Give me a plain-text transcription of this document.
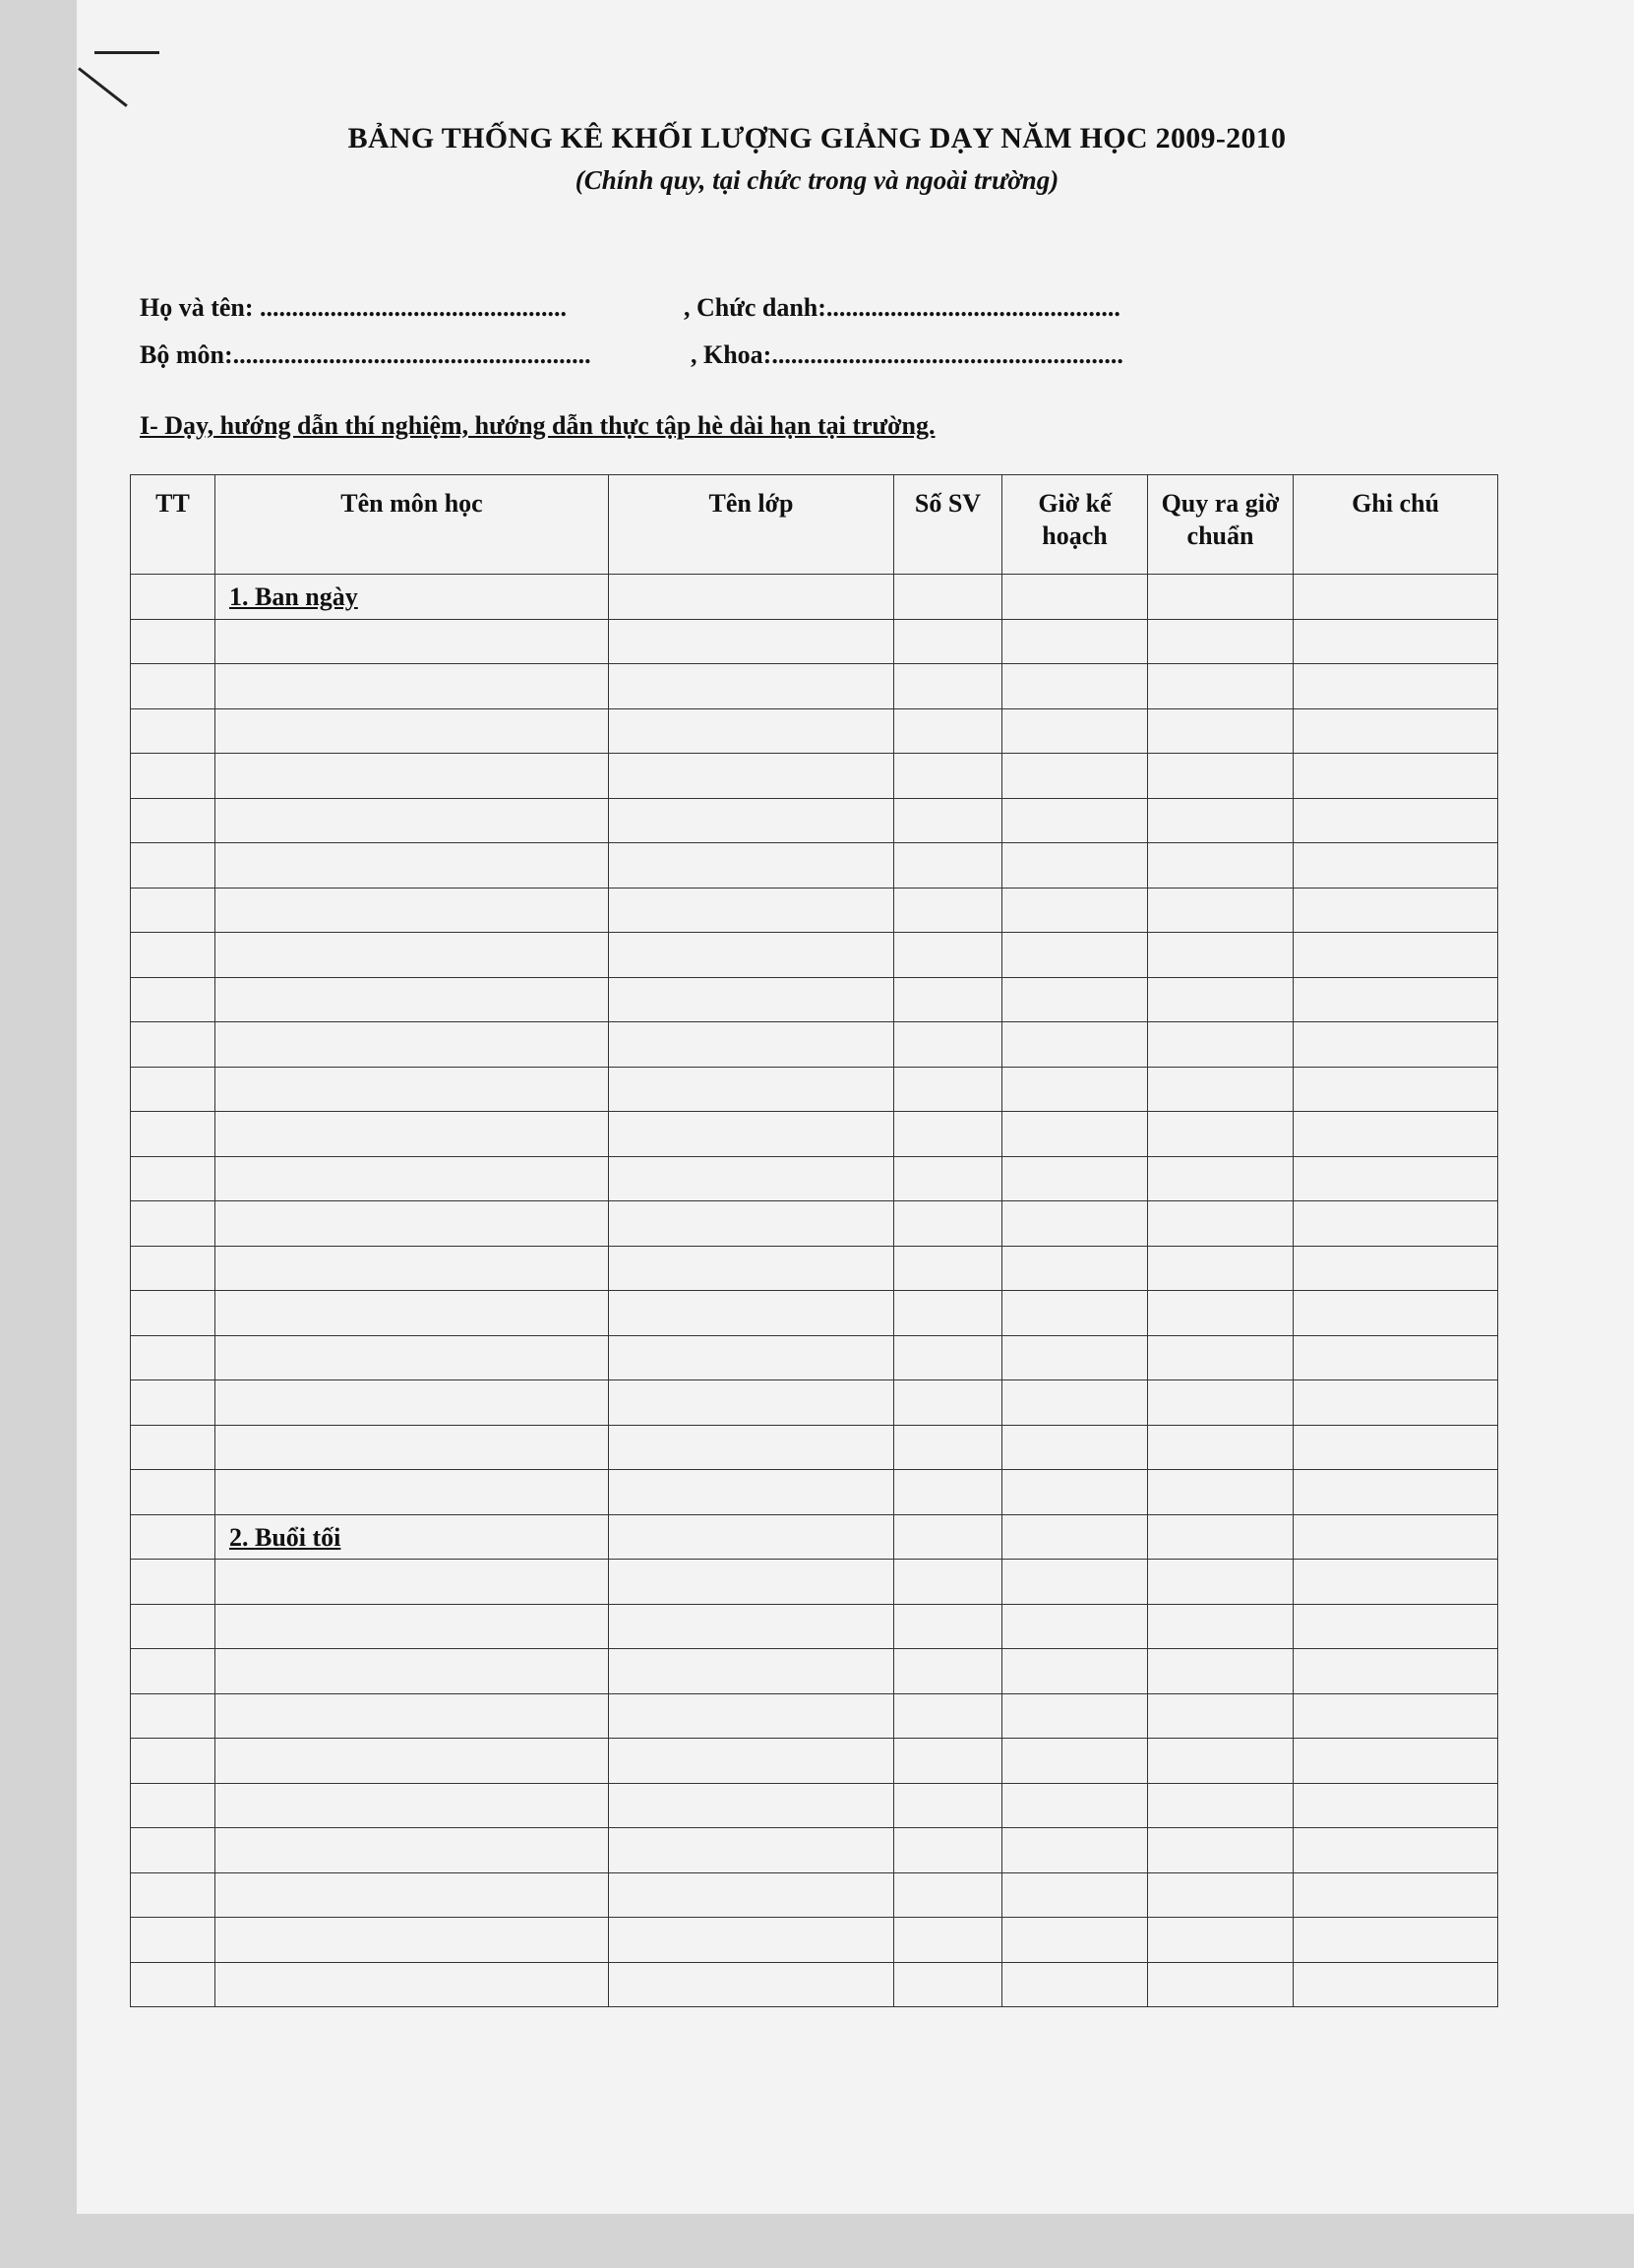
BẢNG THỐNG KÊ KHỐI LƯỢNG GIẢNG DẠY NĂM HỌC 2009-2010
(Chính quy, tại chức trong và ngoài trường)
Họ và tên: ................................................	, Chức danh:..............................................
Bộ môn:........................................................	, Khoa:.......................................................
I- Dạy, hướng dẫn thí nghiệm, hướng dẫn thực tập hè dài hạn tại trường.
TT	Tên môn học	Tên lớp	Số SV	Giờ kế hoạch	Quy ra giờ chuẩn	Ghi chú
	1. Ban ngày					

	2. Buổi tối					
